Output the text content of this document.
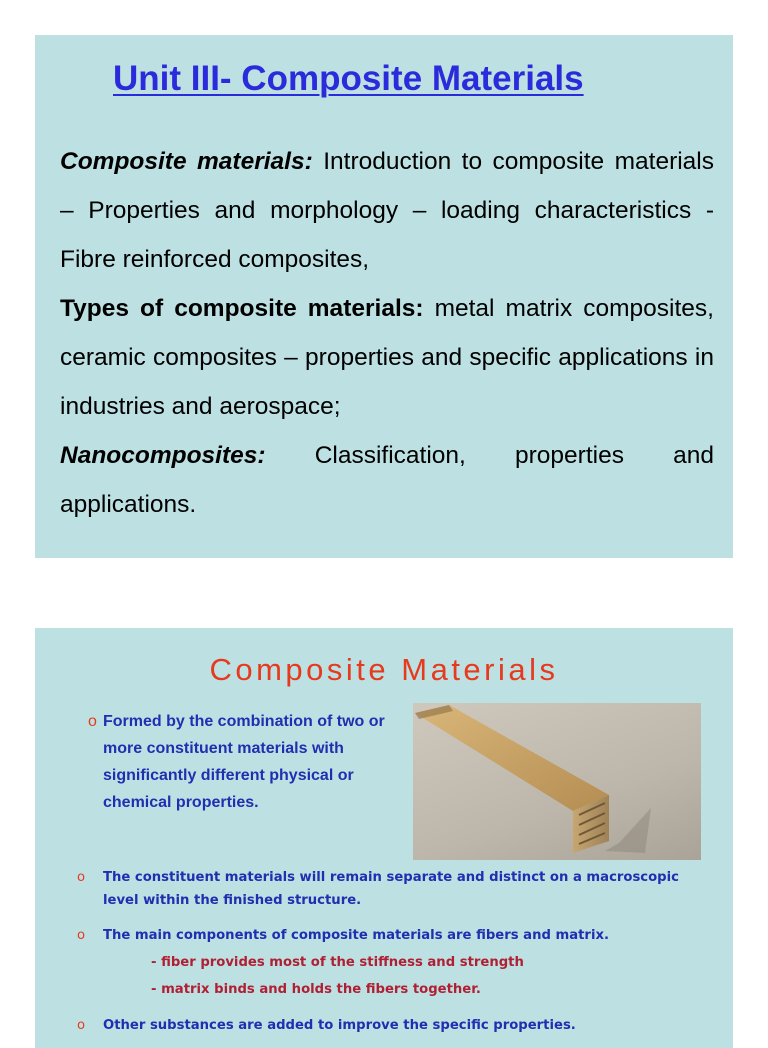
Unit III- Composite Materials

Composite materials: Introduction to composite materials – Properties and morphology – loading characteristics - Fibre reinforced composites,

Types of composite materials: metal matrix composites, ceramic composites – properties and specific applications in industries and aerospace;

Nanocomposites: Classification, properties and applications.

Composite Materials
o Formed by the combination of two or more constituent materials with significantly different physical or chemical properties.
o	The constituent materials will remain separate and distinct on a macroscopic level within the finished structure.
o	The main components of composite materials are fibers and matrix.
- fiber provides most of the stiffness and strength
- matrix binds and holds the fibers together.
o	Other substances are added to improve the specific properties.
